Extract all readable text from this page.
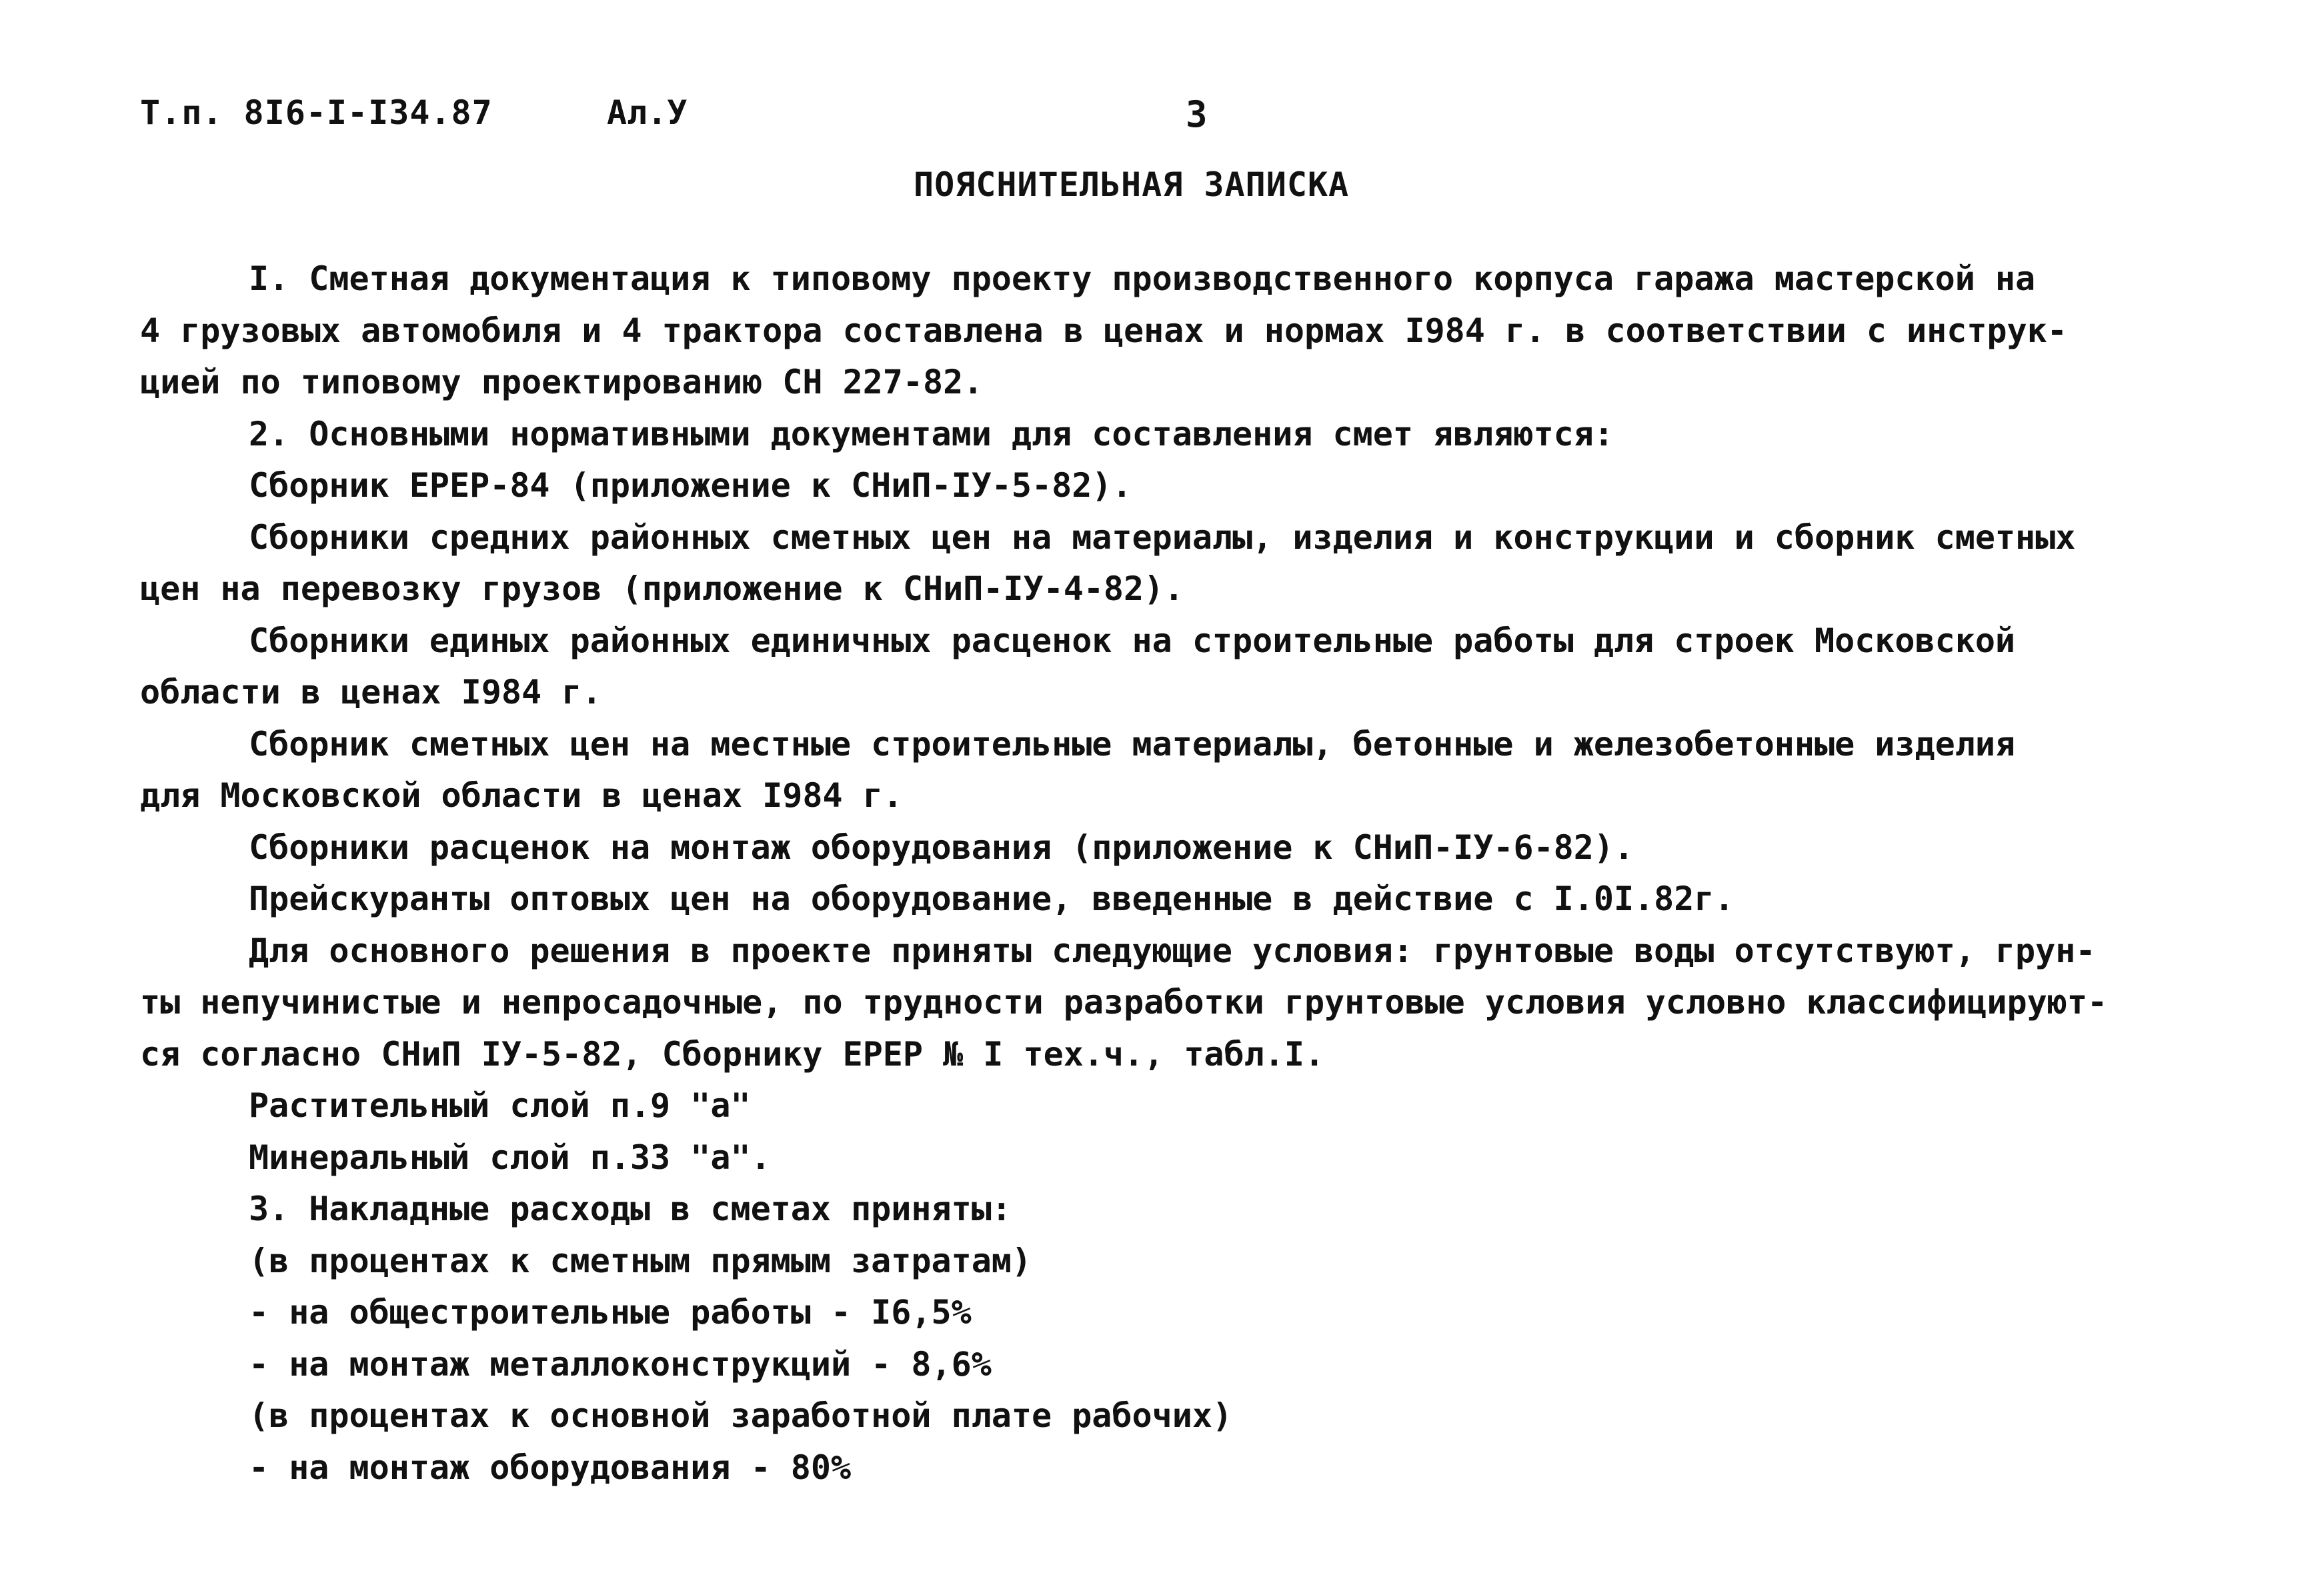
Т.п. 8І6-І-І34.87	Ал.У	3
ПОЯСНИТЕЛЬНАЯ ЗАПИСКА
І. Сметная документация к типовому проекту производственного корпуса гаража мастерской на
4 грузовых автомобиля и 4 трактора составлена в ценах и нормах І984 г. в соответствии с инструк-
цией по типовому проектированию СН 227-82.
2. Основными нормативными документами для составления смет являются:
Сборник ЕРЕР-84 (приложение к СНиП-ІУ-5-82).
Сборники средних районных сметных цен на материалы, изделия и конструкции и сборник сметных
цен на перевозку грузов (приложение к СНиП-ІУ-4-82).
Сборники единых районных единичных расценок на строительные работы для строек Московской
области в ценах І984 г.
Сборник сметных цен на местные строительные материалы, бетонные и железобетонные изделия
для Московской области в ценах І984 г.
Сборники расценок на монтаж оборудования (приложение к СНиП-ІУ-6-82).
Прейскуранты оптовых цен на оборудование, введенные в действие с І.0І.82г.
Для основного решения в проекте приняты следующие условия: грунтовые воды отсутствуют, грун-
ты непучинистые и непросадочные, по трудности разработки грунтовые условия условно классифицируют-
ся согласно СНиП ІУ-5-82, Сборнику ЕРЕР № І тех.ч., табл.І.
Растительный слой п.9 "а"
Минеральный слой п.33 "а".
3. Накладные расходы в сметах приняты:
(в процентах к сметным прямым затратам)
- на общестроительные работы - І6,5%
- на монтаж металлоконструкций - 8,6%
(в процентах к основной заработной плате рабочих)
- на монтаж оборудования - 80%
